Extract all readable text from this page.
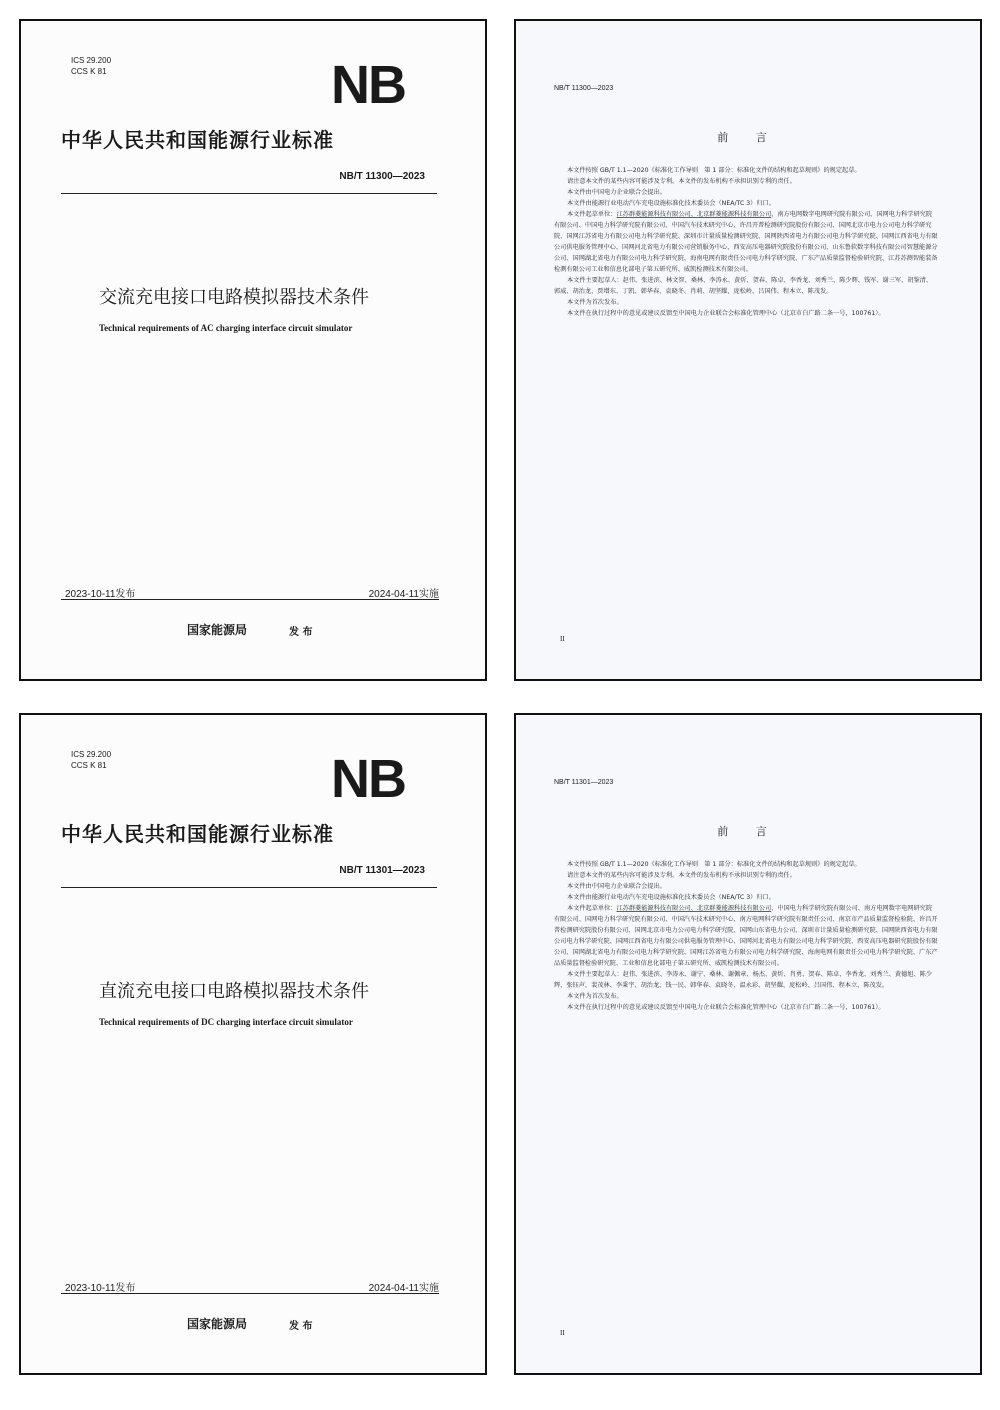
ICS 29.200
CCS K 81	NB
中华人民共和国能源行业标准
NB/T 11300—2023
交流充电接口电路模拟器技术条件
Technical requirements of AC charging interface circuit simulator
2023-10-11发布	2024-04-11实施
国家能源局	发 布
NB/T 11300—2023
前 言

本文件按照 GB/T 1.1—2020《标准化工作导则　第 1 部分：标准化文件的结构和起草规则》的规定起草。

请注意本文件的某些内容可能涉及专利。本文件的发布机构不承担识别专利的责任。

本文件由中国电力企业联合会提出。

本文件由能源行业电动汽车充电设施标准化技术委员会（NEA/TC 3）归口。

本文件起草单位：江苏群菱能源科技有限公司、北京群菱能源科技有限公司、南方电网数字电网研究院有限公司、国网电力科学研究院有限公司、中国电力科学研究院有限公司、中国汽车技术研究中心、许昌开普检测研究院股份有限公司、国网北京市电力公司电力科学研究院、国网江苏省电力有限公司电力科学研究院、深圳市计量质量检测研究院、国网陕西省电力有限公司电力科学研究院、国网江西省电力有限公司供电服务管理中心、国网河北省电力有限公司营销服务中心、西安高压电器研究院股份有限公司、山东鲁软数字科技有限公司智慧能源分公司、国网湖北省电力有限公司电力科学研究院、海南电网有限责任公司电力科学研究院、广东产品质量监督检验研究院、江苏苏测智能装备检测有限公司工业和信息化部电子第五研究所、威凯检测技术有限公司。

本文件主要起草人：赵伟、张进滨、林文智、桑林、李涛永、黄炘、贺春、陈卓、李香龙、刘秀兰、陈少辉、钱军、谢三军、胡鉴清、郭威、胡治龙、贾增东、丁凯、韩华春、袁晓冬、肖莉、胡坚耀、庞松岭、吕国伟、程本立、陈茂发。

本文件为首次发布。

本文件在执行过程中的意见或建议反馈至中国电力企业联合会标准化管理中心（北京市白广路二条一号，100761）。

II
ICS 29.200
CCS K 81	NB
中华人民共和国能源行业标准
NB/T 11301—2023
直流充电接口电路模拟器技术条件
Technical requirements of DC charging interface circuit simulator
2023-10-11发布	2024-04-11实施
国家能源局	发 布
NB/T 11301—2023
前 言

本文件按照 GB/T 1.1—2020《标准化工作导则　第 1 部分：标准化文件的结构和起草规则》的规定起草。

请注意本文件的某些内容可能涉及专利。本文件的发布机构不承担识别专利的责任。

本文件由中国电力企业联合会提出。

本文件由能源行业电动汽车充电设施标准化技术委员会（NEA/TC 3）归口。

本文件起草单位：江苏群菱能源科技有限公司、北京群菱能源科技有限公司、中国电力科学研究院有限公司、南方电网数字电网研究院有限公司、国网电力科学研究院有限公司、中国汽车技术研究中心、南方电网科学研究院有限责任公司、南京市产品质量监督检验院、许昌开普检测研究院股份有限公司、国网北京市电力公司电力科学研究院、国网山东省电力公司、深圳市计量质量检测研究院、国网陕西省电力有限公司电力科学研究院、国网江西省电力有限公司供电服务管理中心、国网河北省电力有限公司电力科学研究院、西安高压电器研究院股份有限公司、国网湖北省电力有限公司电力科学研究院、国网江苏省电力有限公司电力科学研究院、海南电网有限责任公司电力科学研究院、广东产品质量监督检验研究院、工业和信息化部电子第五研究所、威凯检测技术有限公司。

本文件主要起草人：赵伟、张进滨、李涛永、谢宁、桑林、谢佩章、杨杰、黄炘、肖勇、贺春、陈卓、李香龙、刘秀兰、黄德旭、陈少辉、张钰声、裴茂林、李秉宇、胡治龙、钱一民、韩华春、袁晓冬、温永彩、胡坚耀、庞松岭、吕国伟、程本立、陈茂发。

本文件为首次发布。

本文件在执行过程中的意见或建议反馈至中国电力企业联合会标准化管理中心（北京市白广路二条一号，100761）。

II
